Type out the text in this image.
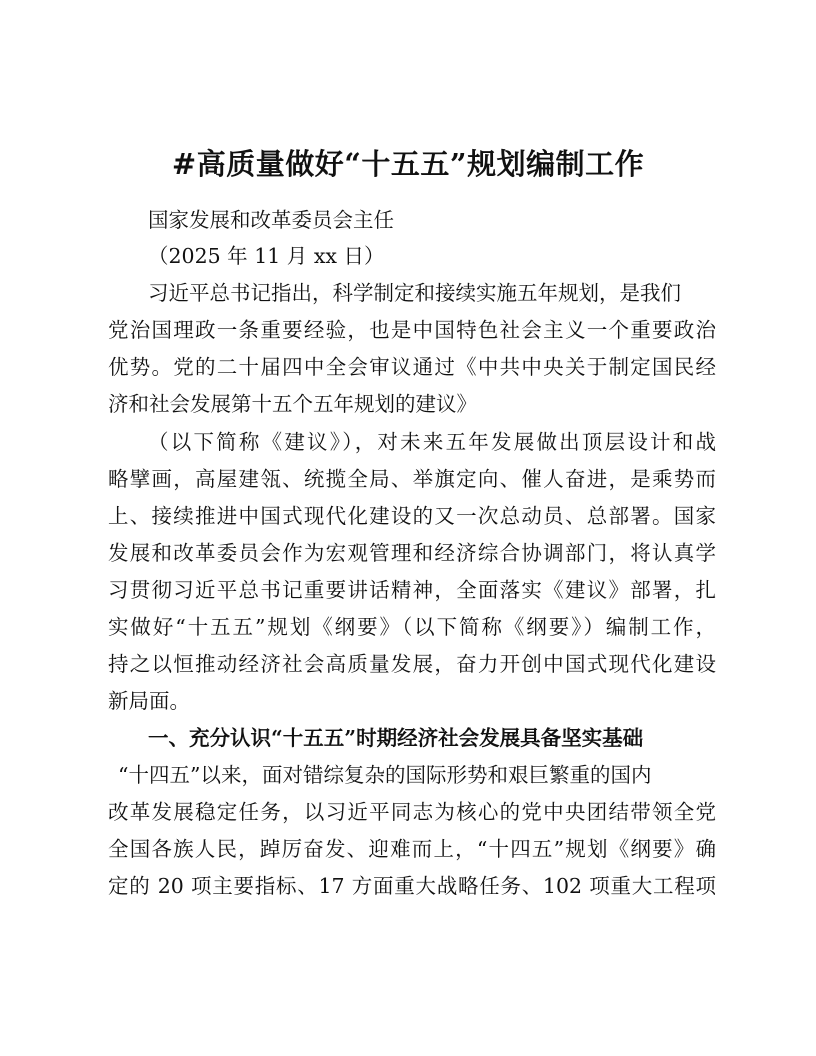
#高质量做好“十五五”规划编制工作
国家发展和改革委员会主任
（2025 年 11 月 xx 日）
习近平总书记指出，科学制定和接续实施五年规划，是我们
党治国理政一条重要经验，也是中国特色社会主义一个重要政治
优势。党的二十届四中全会审议通过《中共中央关于制定国民经
济和社会发展第十五个五年规划的建议》
（以下简称《建议》），对未来五年发展做出顶层设计和战
略擘画，高屋建瓴、统揽全局、举旗定向、催人奋进，是乘势而
上、接续推进中国式现代化建设的又一次总动员、总部署。国家
发展和改革委员会作为宏观管理和经济综合协调部门，将认真学
习贯彻习近平总书记重要讲话精神，全面落实《建议》部署，扎
实做好“十五五”规划《纲要》（以下简称《纲要》）编制工作，
持之以恒推动经济社会高质量发展，奋力开创中国式现代化建设
新局面。
一、充分认识“十五五”时期经济社会发展具备坚实基础
“十四五”以来，面对错综复杂的国际形势和艰巨繁重的国内
改革发展稳定任务，以习近平同志为核心的党中央团结带领全党
全国各族人民，踔厉奋发、迎难而上，“十四五”规划《纲要》确
定的 20 项主要指标、17 方面重大战略任务、102 项重大工程项
